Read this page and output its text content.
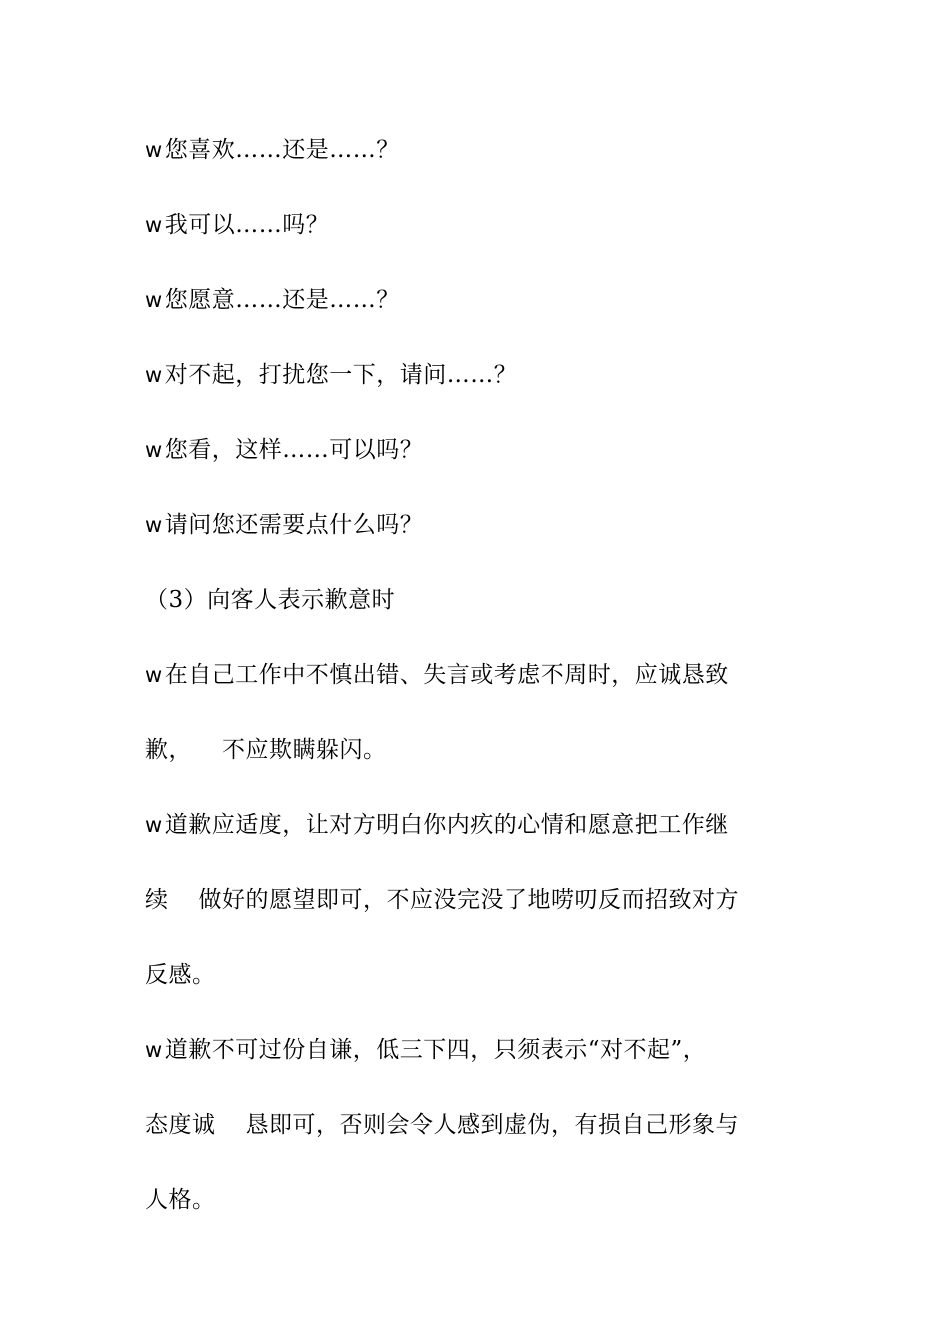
w您喜欢……还是……？
w我可以……吗？
w您愿意……还是……？
w对不起，打扰您一下，请问……？
w您看，这样……可以吗？
w请问您还需要点什么吗？
（3）向客人表示歉意时
w在自己工作中不慎出错、失言或考虑不周时，应诚恳致
歉， 不应欺瞒躲闪。
w道歉应适度，让对方明白你内疚的心情和愿意把工作继
续 做好的愿望即可，不应没完没了地唠叨反而招致对方
反感。
w道歉不可过份自谦，低三下四，只须表示“对不起”，
态度诚 恳即可，否则会令人感到虚伪，有损自己形象与
人格。
